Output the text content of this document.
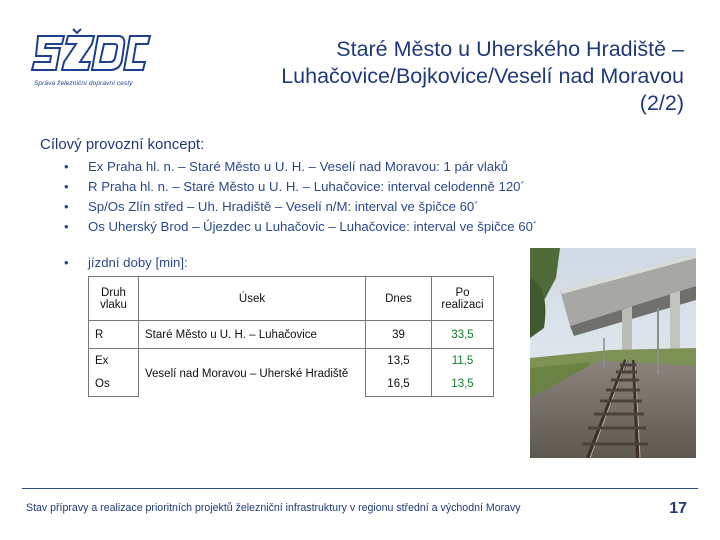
Správa železniční dopravní cesty
Staré Město u Uherského Hradiště –
Luhačovice/Bojkovice/Veselí nad Moravou
(2/2)
Cílový provozní koncept:
• Ex Praha hl. n. – Staré Město u U. H. – Veselí nad Moravou: 1 pár vlaků
• R Praha hl. n. – Staré Město u U. H. – Luhačovice: interval celodenně 120´
• Sp/Os Zlín střed – Uh. Hradiště – Veselí n/M: interval ve špičce 60´
• Os Uherský Brod – Újezdec u Luhačovic – Luhačovice: interval ve špičce 60´
• jízdní doby [min]:
Druh vlaku	Úsek	Dnes	Po realizaci
R	Staré Město u U. H. – Luhačovice	39	33,5
Ex	Veselí nad Moravou – Uherské Hradiště	13,5	11,5
Os		16,5	13,5
Stav přípravy a realizace prioritních projektů železniční infrastruktury v regionu střední a východní Moravy	17
